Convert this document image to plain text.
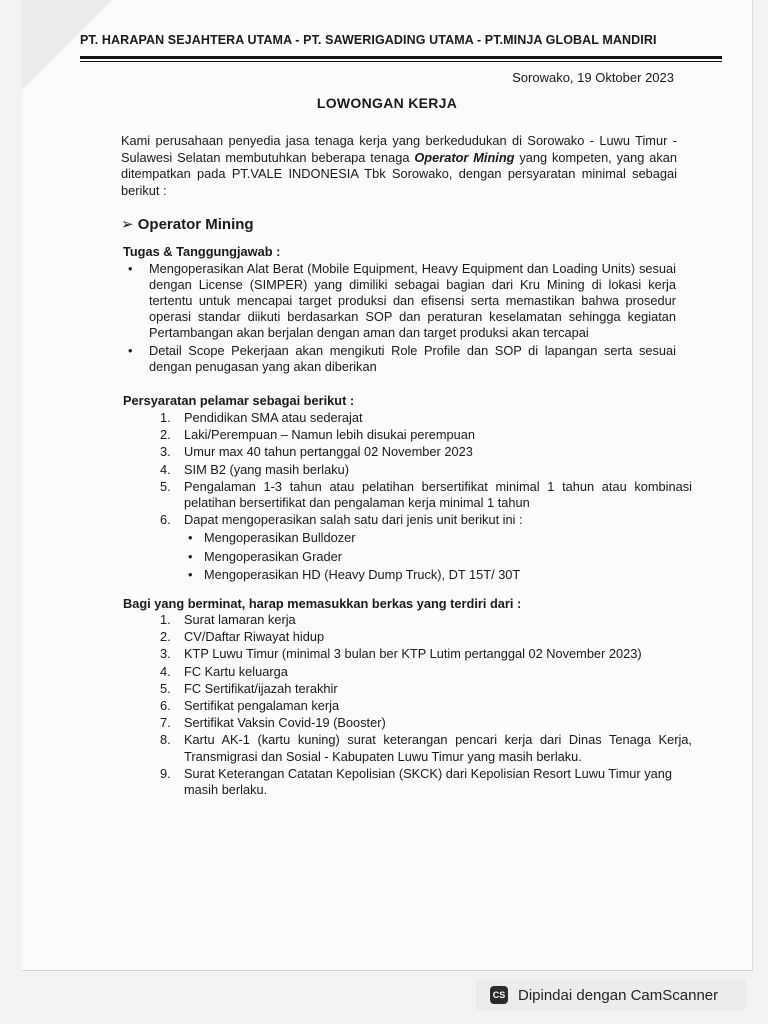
PT. HARAPAN SEJAHTERA UTAMA - PT. SAWERIGADING UTAMA - PT.MINJA GLOBAL MANDIRI
Sorowako, 19 Oktober 2023
LOWONGAN KERJA
Kami perusahaan penyedia jasa tenaga kerja yang berkedudukan di Sorowako - Luwu Timur - Sulawesi Selatan membutuhkan beberapa tenaga Operator Mining yang kompeten, yang akan ditempatkan pada PT.VALE INDONESIA Tbk Sorowako, dengan persyaratan minimal sebagai berikut :
➢ Operator Mining
Tugas & Tanggungjawab :
• Mengoperasikan Alat Berat (Mobile Equipment, Heavy Equipment dan Loading Units) sesuai dengan License (SIMPER) yang dimiliki sebagai bagian dari Kru Mining di lokasi kerja tertentu untuk mencapai target produksi dan efisensi serta memastikan bahwa prosedur operasi standar diikuti berdasarkan SOP dan peraturan keselamatan sehingga kegiatan Pertambangan akan berjalan dengan aman dan target produksi akan tercapai
• Detail Scope Pekerjaan akan mengikuti Role Profile dan SOP di lapangan serta sesuai dengan penugasan yang akan diberikan
Persyaratan pelamar sebagai berikut :
1. Pendidikan SMA atau sederajat
2. Laki/Perempuan – Namun lebih disukai perempuan
3. Umur max 40 tahun pertanggal 02 November 2023
4. SIM B2 (yang masih berlaku)
5. Pengalaman 1-3 tahun atau pelatihan bersertifikat minimal 1 tahun atau kombinasi pelatihan bersertifikat dan pengalaman kerja minimal 1 tahun
6. Dapat mengoperasikan salah satu dari jenis unit berikut ini :
• Mengoperasikan Bulldozer
• Mengoperasikan Grader
• Mengoperasikan HD (Heavy Dump Truck), DT 15T/ 30T
Bagi yang berminat, harap memasukkan berkas yang terdiri dari :
1. Surat lamaran kerja
2. CV/Daftar Riwayat hidup
3. KTP Luwu Timur (minimal 3 bulan ber KTP Lutim pertanggal 02 November 2023)
4. FC Kartu keluarga
5. FC Sertifikat/ijazah terakhir
6. Sertifikat pengalaman kerja
7. Sertifikat Vaksin Covid-19 (Booster)
8. Kartu AK-1 (kartu kuning) surat keterangan pencari kerja dari Dinas Tenaga Kerja, Transmigrasi dan Sosial - Kabupaten Luwu Timur yang masih berlaku.
9. Surat Keterangan Catatan Kepolisian (SKCK) dari Kepolisian Resort Luwu Timur yang masih berlaku.
CS Dipindai dengan CamScanner
